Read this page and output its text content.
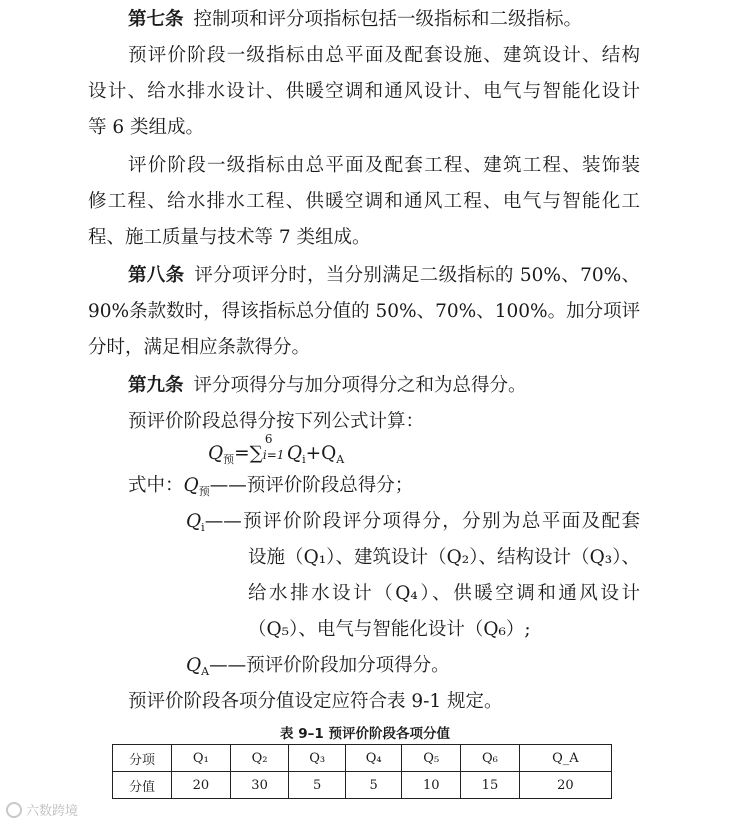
第七条 控制项和评分项指标包括一级指标和二级指标。
预评价阶段一级指标由总平面及配套设施、建筑设计、结构
设计、给水排水设计、供暖空调和通风设计、电气与智能化设计
等 6 类组成。
评价阶段一级指标由总平面及配套工程、建筑工程、装饰装
修工程、给水排水工程、供暖空调和通风工程、电气与智能化工
程、施工质量与技术等 7 类组成。
第八条 评分项评分时，当分别满足二级指标的 50%、70%、
90%条款数时，得该指标总分值的 50%、70%、100%。加分项评
分时，满足相应条款得分。
第九条 评分项得分与加分项得分之和为总得分。
预评价阶段总得分按下列公式计算：
$Q_预=\sum$
6
i=1 $Q_i+Q_A$
式中：$Q_预——$预评价阶段总得分；
$Q_i——$预评价阶段评分项得分，分别为总平面及配套
设施（Q₁）、建筑设计（Q₂）、结构设计（Q₃）、
给水排水设计（Q₄）、供暖空调和通风设计
（Q₅）、电气与智能化设计（Q₆）;
$Q_A——$预评价阶段加分项得分。
预评价阶段各项分值设定应符合表 9-1 规定。
表 9–1 预评价阶段各项分值
分项	Q₁	Q₂	Q₃	Q₄	Q₅	Q₆	Q_A
分值	20	30	5	5	10	15	20
六数跨境
